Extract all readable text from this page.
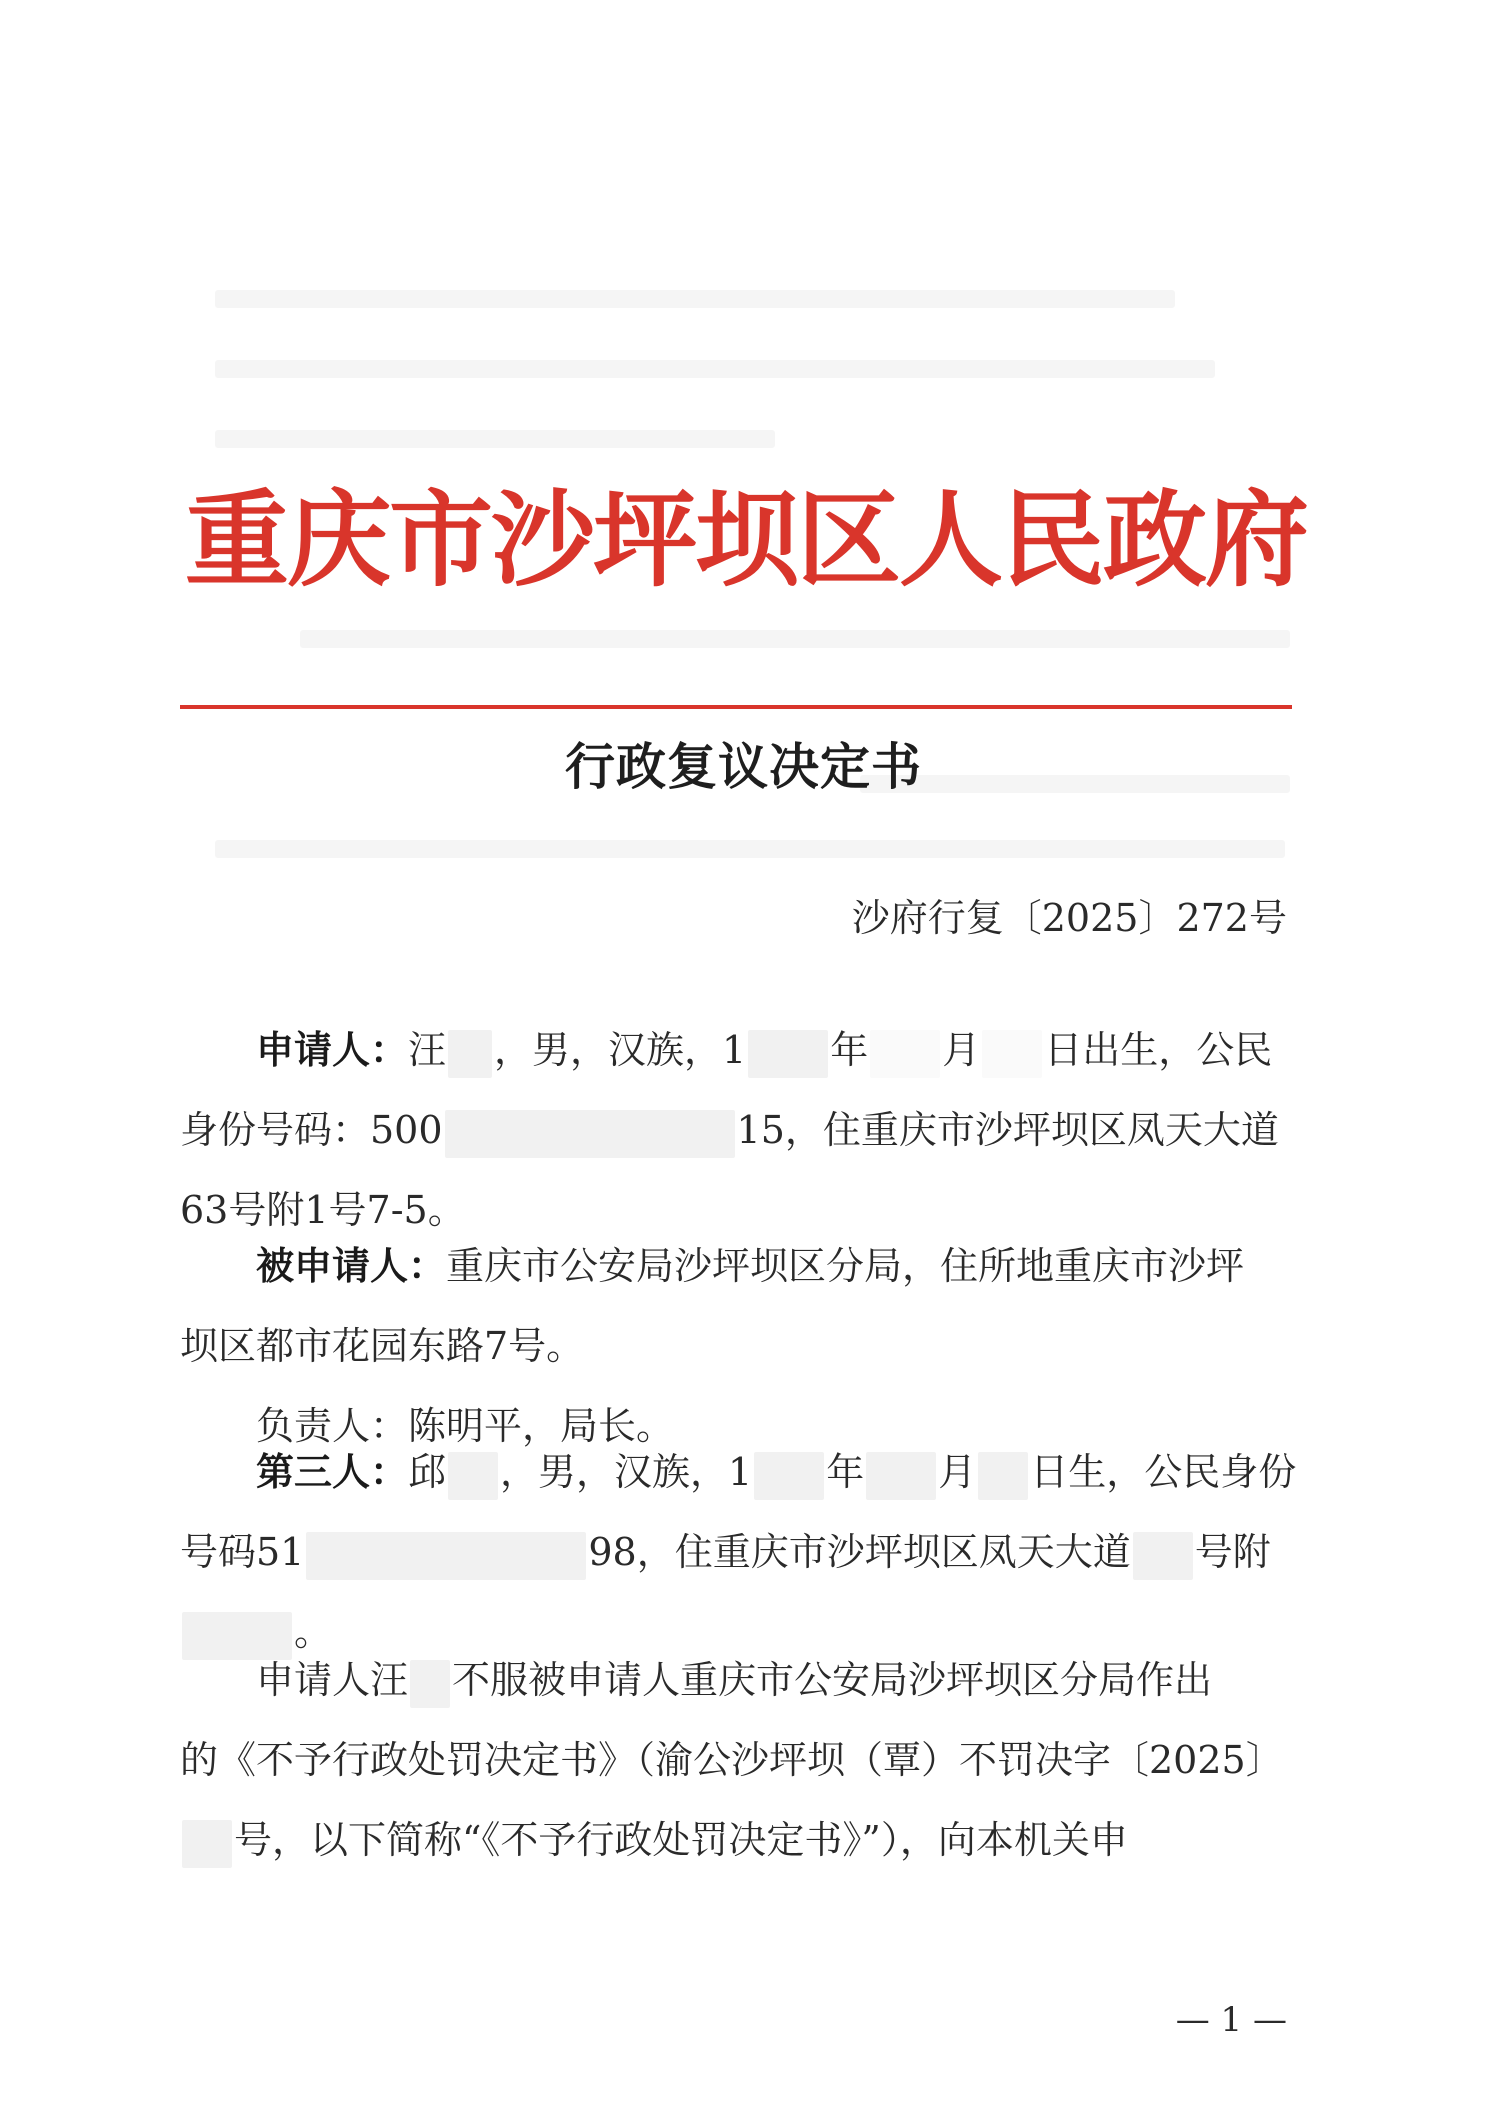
重庆市沙坪坝区人民政府
行政复议决定书
沙府行复〔2025〕272号
申请人：汪 ，男，汉族，1 年 月 日出生，公民
身份号码：500	15，住重庆市沙坪坝区凤天大道
63号附1号7-5。
被申请人：重庆市公安局沙坪坝区分局，住所地重庆市沙坪
坝区都市花园东路7号。
负责人：陈明平，局长。
第三人：邱 ，男，汉族，1 年 月 日生，公民身份
号码51	98，住重庆市沙坪坝区凤天大道 号附
。
申请人汪 不服被申请人重庆市公安局沙坪坝区分局作出
的《不予行政处罚决定书》（渝公沙坪坝（覃）不罚决字〔2025〕
号，以下简称“《不予行政处罚决定书》”），向本机关申
— 1 —
